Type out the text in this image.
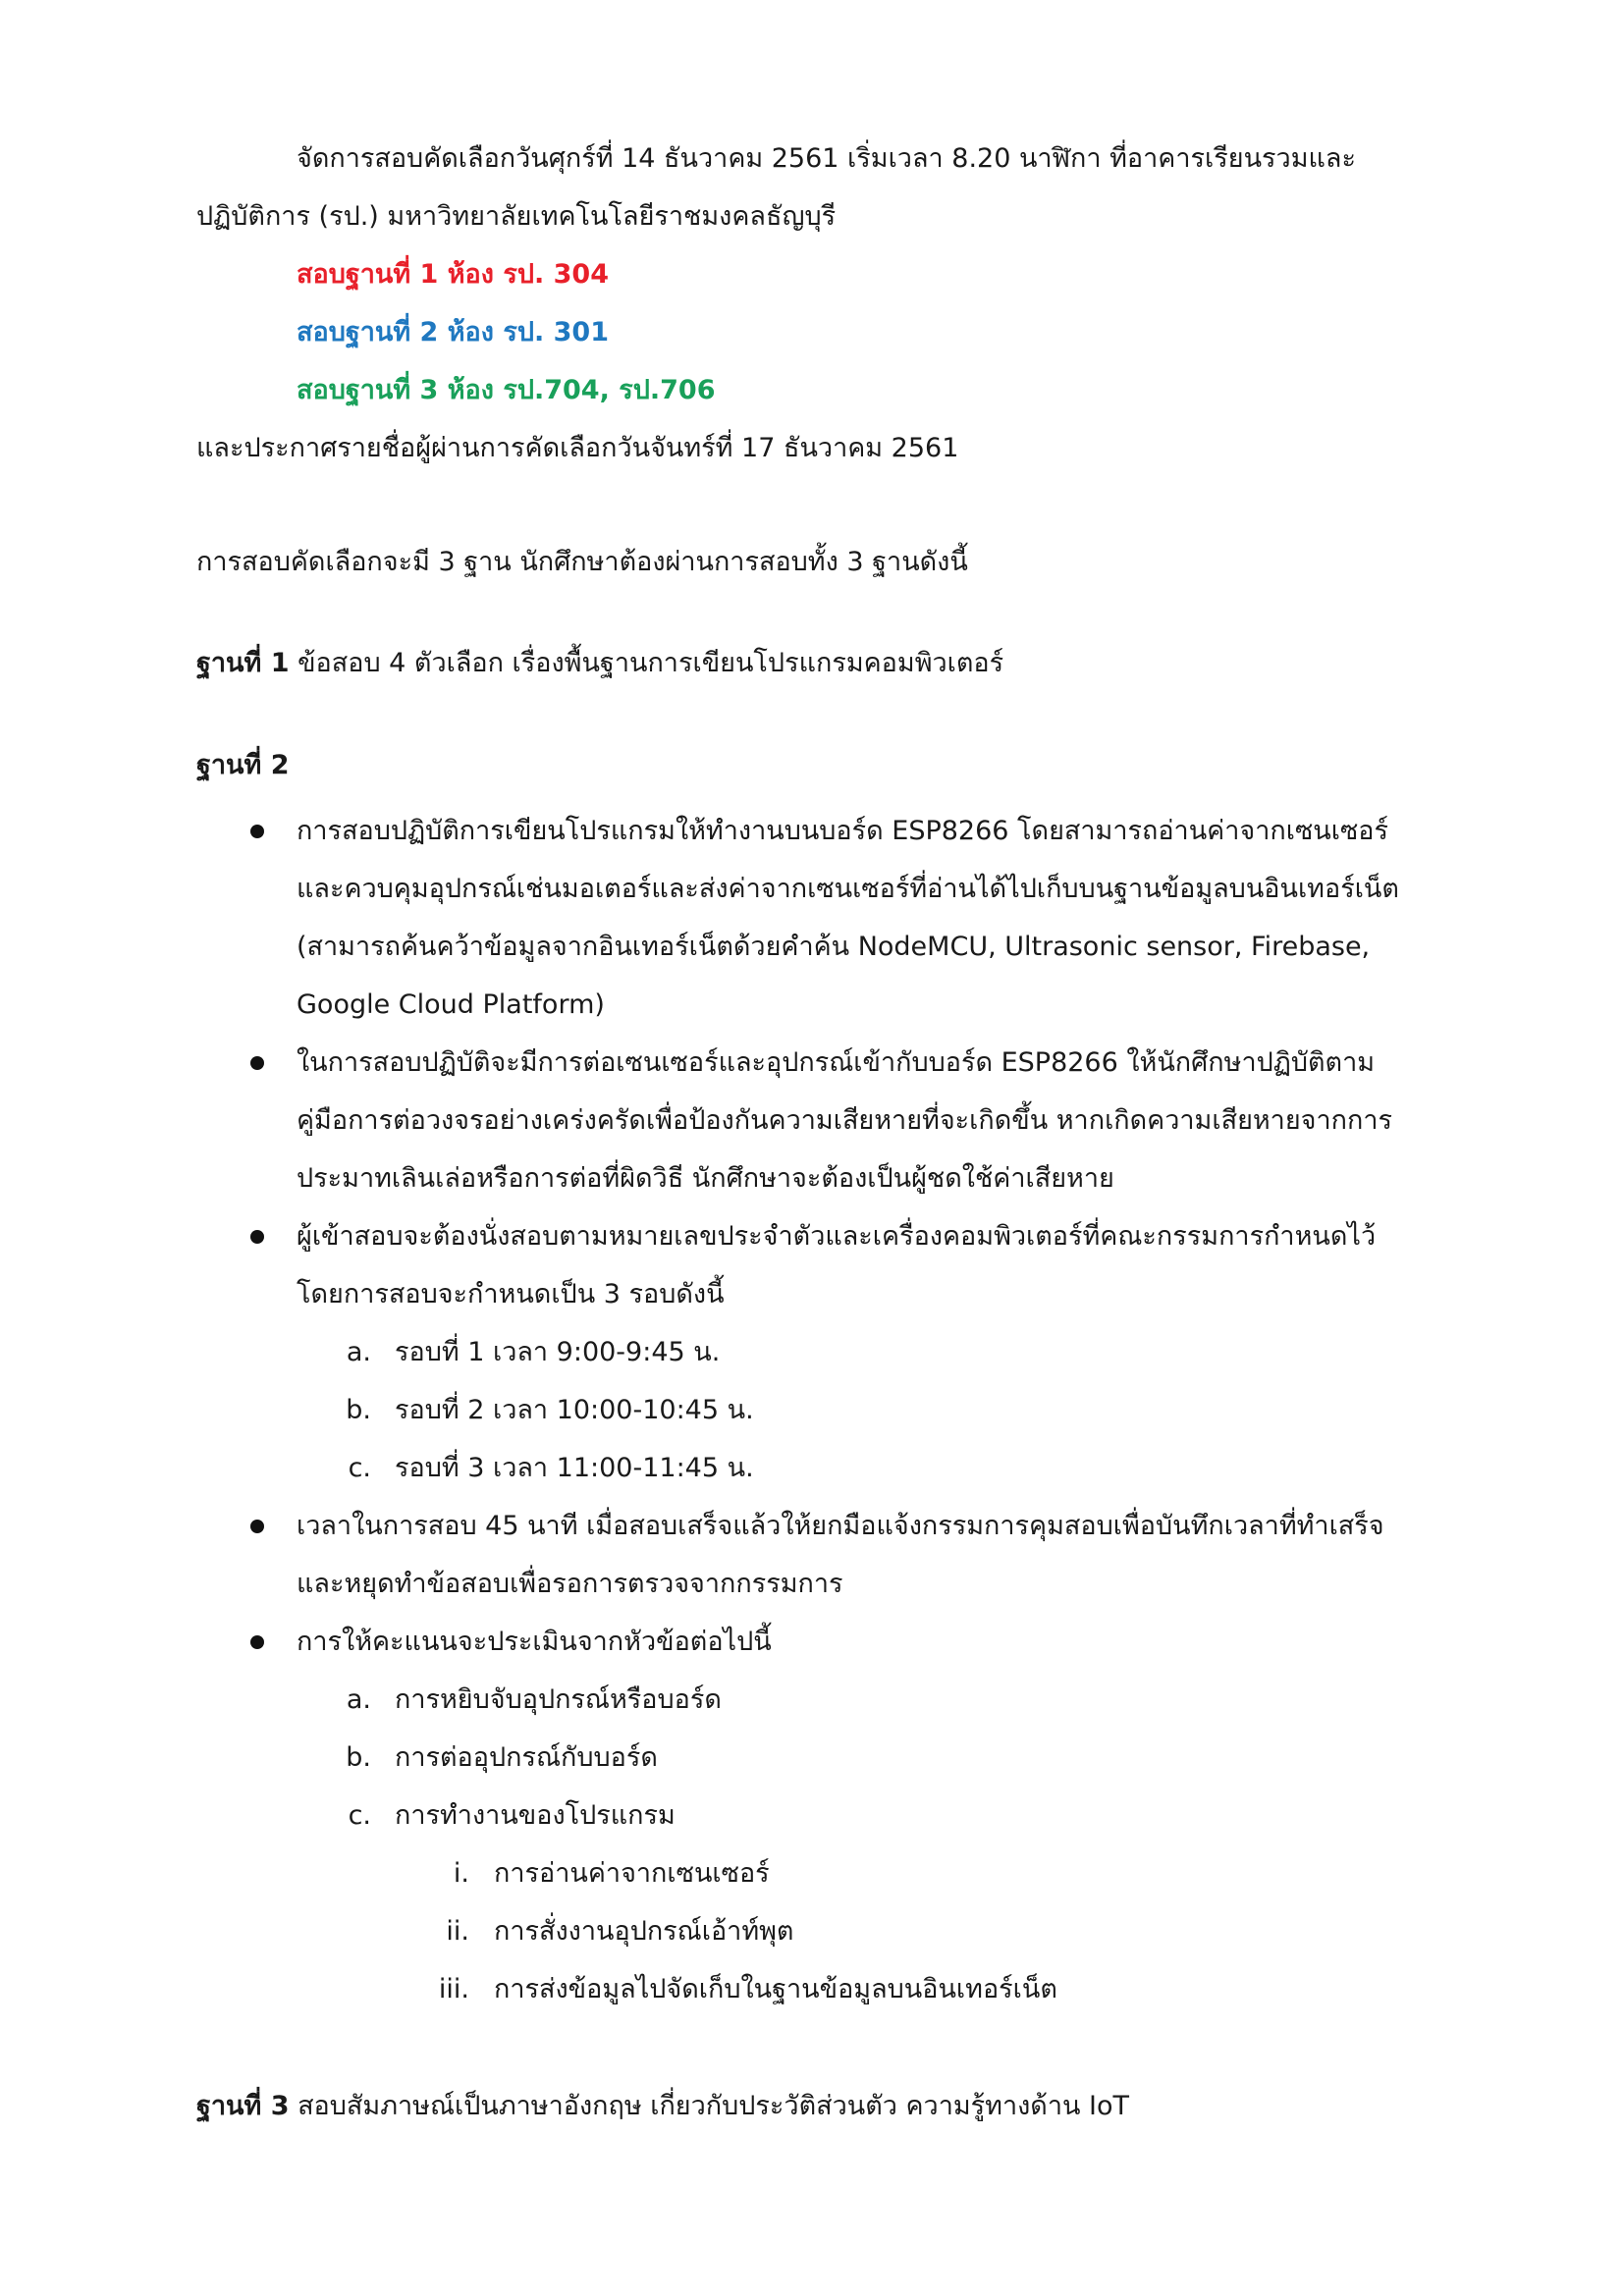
จัดการสอบคัดเลือกวันศุกร์ที่ 14 ธันวาคม 2561 เริ่มเวลา 8.20 นาฬิกา ที่อาคารเรียนรวมและ
ปฏิบัติการ (รป.) มหาวิทยาลัยเทคโนโลยีราชมงคลธัญบุรี
สอบฐานที่ 1 ห้อง รป. 304
สอบฐานที่ 2 ห้อง รป. 301
สอบฐานที่ 3 ห้อง รป.704, รป.706
และประกาศรายชื่อผู้ผ่านการคัดเลือกวันจันทร์ที่ 17 ธันวาคม 2561
การสอบคัดเลือกจะมี 3 ฐาน นักศึกษาต้องผ่านการสอบทั้ง 3 ฐานดังนี้
ฐานที่ 1 ข้อสอบ 4 ตัวเลือก เรื่องพื้นฐานการเขียนโปรแกรมคอมพิวเตอร์
ฐานที่ 2
การสอบปฏิบัติการเขียนโปรแกรมให้ทำงานบนบอร์ด ESP8266 โดยสามารถอ่านค่าจากเซนเซอร์
และควบคุมอุปกรณ์เช่นมอเตอร์และส่งค่าจากเซนเซอร์ที่อ่านได้ไปเก็บบนฐานข้อมูลบนอินเทอร์เน็ต
(สามารถค้นคว้าข้อมูลจากอินเทอร์เน็ตด้วยคำค้น NodeMCU, Ultrasonic sensor, Firebase,
Google Cloud Platform)
ในการสอบปฏิบัติจะมีการต่อเซนเซอร์และอุปกรณ์เข้ากับบอร์ด ESP8266 ให้นักศึกษาปฏิบัติตาม
คู่มือการต่อวงจรอย่างเคร่งครัดเพื่อป้องกันความเสียหายที่จะเกิดขึ้น หากเกิดความเสียหายจากการ
ประมาทเลินเล่อหรือการต่อที่ผิดวิธี นักศึกษาจะต้องเป็นผู้ชดใช้ค่าเสียหาย
ผู้เข้าสอบจะต้องนั่งสอบตามหมายเลขประจำตัวและเครื่องคอมพิวเตอร์ที่คณะกรรมการกำหนดไว้
โดยการสอบจะกำหนดเป็น 3 รอบดังนี้
a. รอบที่ 1 เวลา 9:00-9:45 น.
b. รอบที่ 2 เวลา 10:00-10:45 น.
c. รอบที่ 3 เวลา 11:00-11:45 น.
เวลาในการสอบ 45 นาที เมื่อสอบเสร็จแล้วให้ยกมือแจ้งกรรมการคุมสอบเพื่อบันทึกเวลาที่ทำเสร็จ
และหยุดทำข้อสอบเพื่อรอการตรวจจากกรรมการ
การให้คะแนนจะประเมินจากหัวข้อต่อไปนี้
a. การหยิบจับอุปกรณ์หรือบอร์ด
b. การต่ออุปกรณ์กับบอร์ด
c. การทำงานของโปรแกรม
i. การอ่านค่าจากเซนเซอร์
ii. การสั่งงานอุปกรณ์เอ้าท์พุต
iii. การส่งข้อมูลไปจัดเก็บในฐานข้อมูลบนอินเทอร์เน็ต
ฐานที่ 3 สอบสัมภาษณ์เป็นภาษาอังกฤษ เกี่ยวกับประวัติส่วนตัว ความรู้ทางด้าน IoT
